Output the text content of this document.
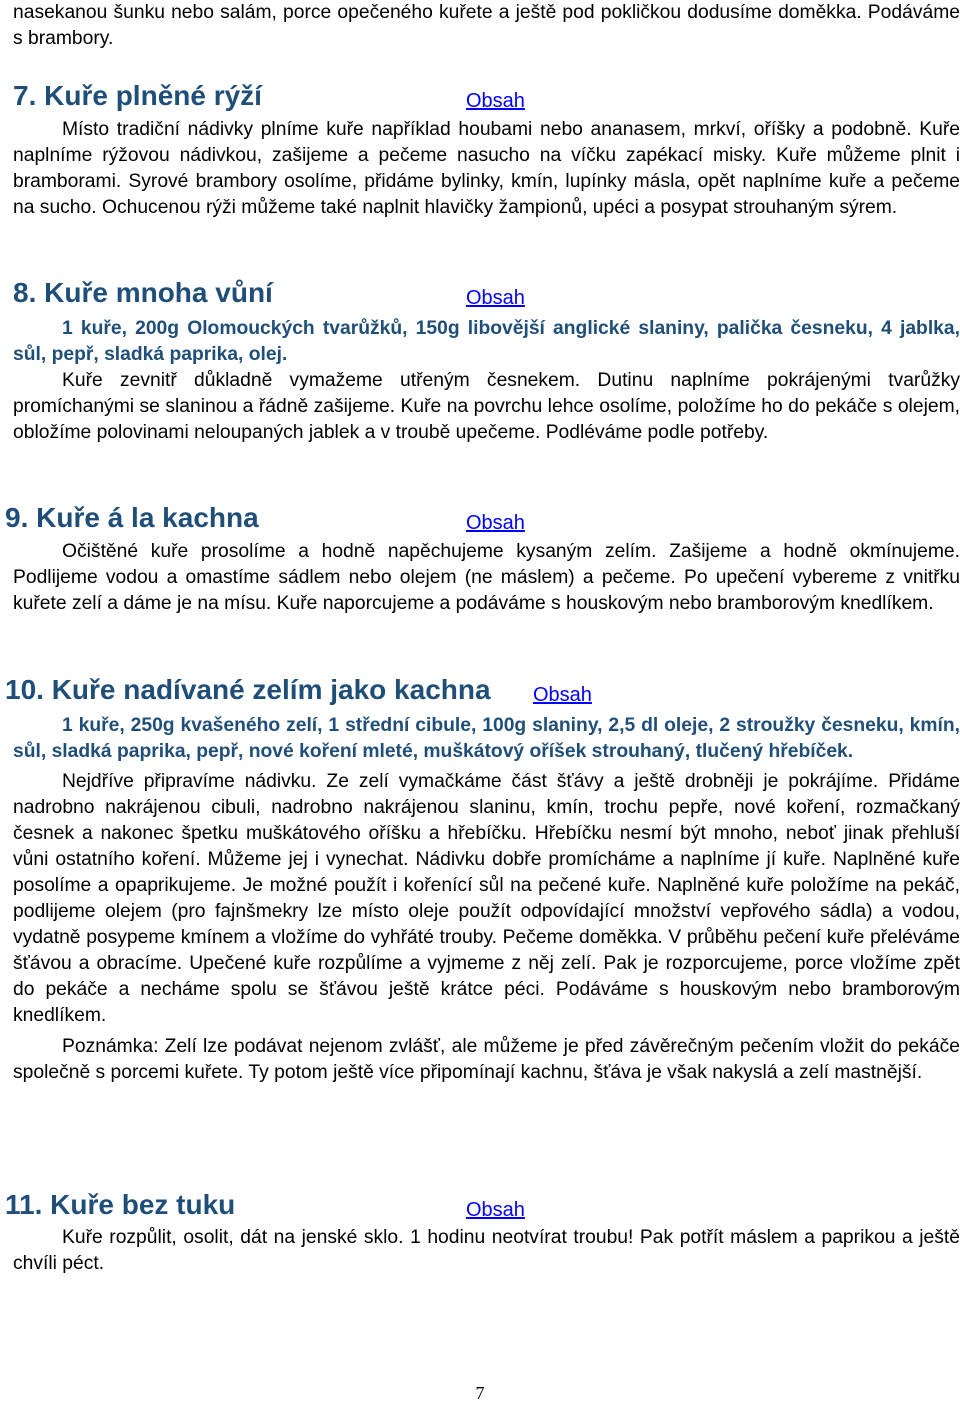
nasekanou šunku nebo salám, porce opečeného kuřete a ještě pod pokličkou dodusíme doměkka. Podáváme s brambory.

7. Kuře plněné rýží	Obsah

Místo tradiční nádivky plníme kuře například houbami nebo ananasem, mrkví, oříšky a podobně. Kuře naplníme rýžovou nádivkou, zašijeme a pečeme nasucho na víčku zapékací misky. Kuře můžeme plnit i bramborami. Syrové brambory osolíme, přidáme bylinky, kmín, lupínky másla, opět naplníme kuře a pečeme na sucho. Ochucenou rýži můžeme také naplnit hlavičky žampionů, upéci a posypat strouhaným sýrem.

8. Kuře mnoha vůní	Obsah

1 kuře, 200g Olomouckých tvarůžků, 150g libovější anglické slaniny, palička česneku, 4 jablka, sůl, pepř, sladká paprika, olej.

Kuře zevnitř důkladně vymažeme utřeným česnekem. Dutinu naplníme pokrájenými tvarůžky promíchanými se slaninou a řádně zašijeme. Kuře na povrchu lehce osolíme, položíme ho do pekáče s olejem, obložíme polovinami neloupaných jablek a v troubě upečeme. Podléváme podle potřeby.

9. Kuře á la kachna	Obsah

Očištěné kuře prosolíme a hodně napěchujeme kysaným zelím. Zašijeme a hodně okmínujeme. Podlijeme vodou a omastíme sádlem nebo olejem (ne máslem) a pečeme. Po upečení vybereme z vnitřku kuřete zelí a dáme je na mísu. Kuře naporcujeme a podáváme s houskovým nebo bramborovým knedlíkem.

10. Kuře nadívané zelím jako kachna Obsah

1 kuře, 250g kvašeného zelí, 1 střední cibule, 100g slaniny, 2,5 dl oleje, 2 stroužky česneku, kmín, sůl, sladká paprika, pepř, nové koření mleté, muškátový oříšek strouhaný, tlučený hřebíček.

Nejdříve připravíme nádivku. Ze zelí vymačkáme část šťávy a ještě drobněji je pokrájíme. Přidáme nadrobno nakrájenou cibuli, nadrobno nakrájenou slaninu, kmín, trochu pepře, nové koření, rozmačkaný česnek a nakonec špetku muškátového oříšku a hřebíčku. Hřebíčku nesmí být mnoho, neboť jinak přehluší vůni ostatního koření. Můžeme jej i vynechat. Nádivku dobře promícháme a naplníme jí kuře. Naplněné kuře posolíme a opaprikujeme. Je možné použít i kořenící sůl na pečené kuře. Naplněné kuře položíme na pekáč, podlijeme olejem (pro fajnšmekry lze místo oleje použít odpovídající množství vepřového sádla) a vodou, vydatně posypeme kmínem a vložíme do vyhřáté trouby. Pečeme doměkka. V průběhu pečení kuře přeléváme šťávou a obracíme. Upečené kuře rozpůlíme a vyjmeme z něj zelí. Pak je rozporcujeme, porce vložíme zpět do pekáče a necháme spolu se šťávou ještě krátce péci. Podáváme s houskovým nebo bramborovým knedlíkem.

Poznámka: Zelí lze podávat nejenom zvlášť, ale můžeme je před závěrečným pečením vložit do pekáče společně s porcemi kuřete. Ty potom ještě více připomínají kachnu, šťáva je však nakyslá a zelí mastnější.

11. Kuře bez tuku	Obsah

Kuře rozpůlit, osolit, dát na jenské sklo. 1 hodinu neotvírat troubu! Pak potřít máslem a paprikou a ještě chvíli péct.

7
